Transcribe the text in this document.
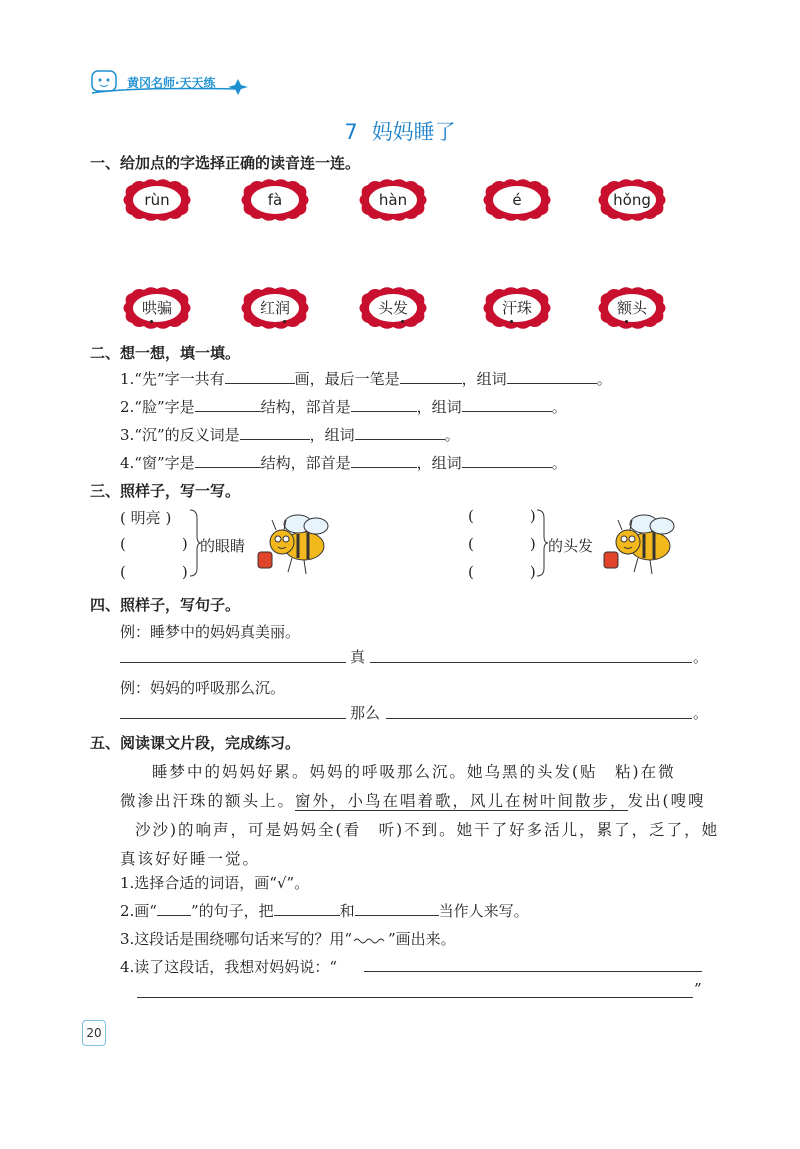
黄冈名师·天天练
7 妈妈睡了
一、给加点的字选择正确的读音连一连。
rùn	fà	hàn	é	hǒng
哄骗	红润	头发	汗珠	额头
二、想一想，填一填。
1.“先”字一共有	画，最后一笔是	，组词	。
2.“脸”字是	结构，部首是	，组词	。
3.“沉”的反义词是	，组词	。
4.“窗”字是	结构，部首是	，组词	。
三、照样子，写一写。
( 明亮 )
(	)
(	)
的眼睛
(	)
(	)
(	)
的头发
四、照样子，写句子。
例：睡梦中的妈妈真美丽。
真	。
例：妈妈的呼吸那么沉。
那么	。
五、阅读课文片段，完成练习。
睡梦中的妈妈好累。妈妈的呼吸那么沉。她乌黑的头发(贴　粘)在微
微渗出汗珠的额头上。窗外，小鸟在唱着歌，风儿在树叶间散步，发出(嗖嗖
沙沙)的响声，可是妈妈全(看　听)不到。她干了好多活儿，累了，乏了，她
真该好好睡一觉。
1.选择合适的词语，画“√”。
2.画“ ”的句子，把	和	当作人来写。
3.这段话是围绕哪句话来写的？用“ ”画出来。
4.读了这段话，我想对妈妈说：“
”
20
